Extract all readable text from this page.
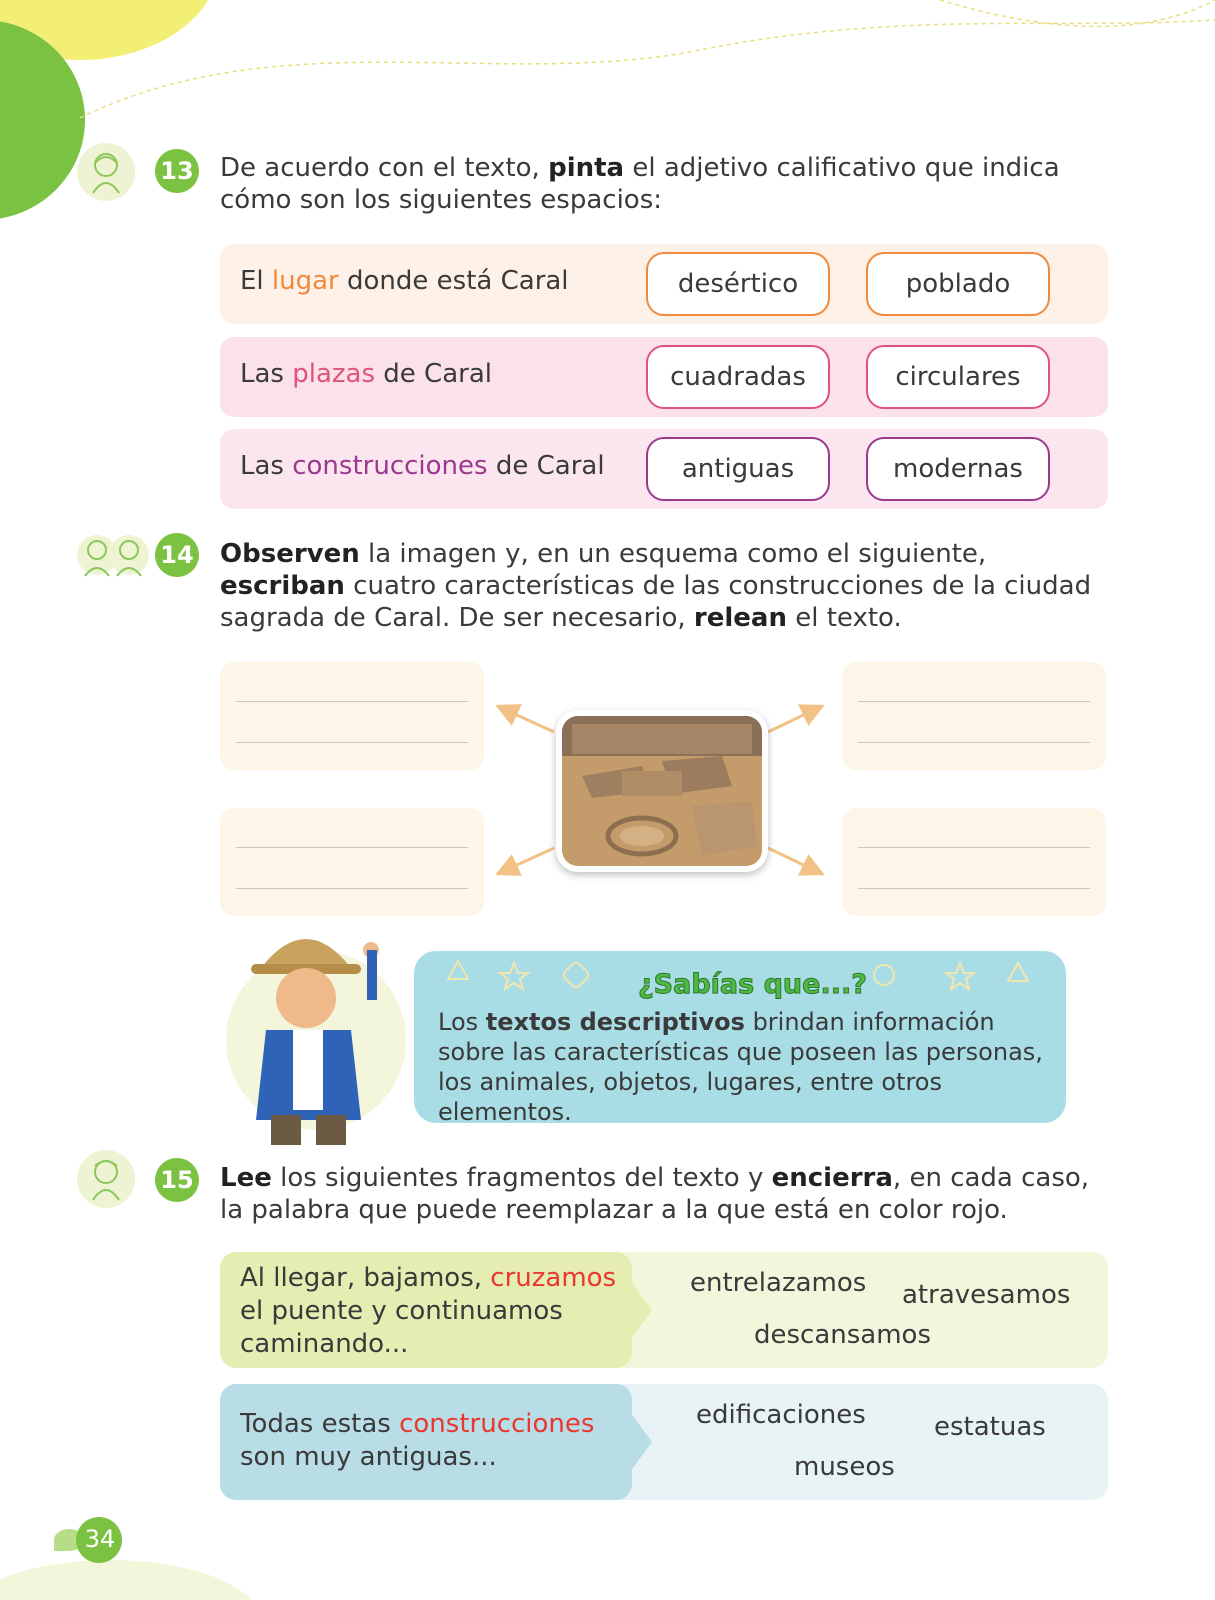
13 De acuerdo con el texto, pinta el adjetivo calificativo que indica cómo son los siguientes espacios:
El lugar donde está Caral	desértico	poblado
Las plazas de Caral	cuadradas	circulares
Las construcciones de Caral	antiguas	modernas
14 Observen la imagen y, en un esquema como el siguiente, escriban cuatro características de las construcciones de la ciudad sagrada de Caral. De ser necesario, relean el texto.
¿Sabías que...?
Los textos descriptivos brindan información sobre las características que poseen las personas, los animales, objetos, lugares, entre otros elementos.
15 Lee los siguientes fragmentos del texto y encierra, en cada caso, la palabra que puede reemplazar a la que está en color rojo.
Al llegar, bajamos, cruzamos el puente y continuamos caminando...
entrelazamos atravesamos
descansamos
Todas estas construcciones son muy antiguas...
edificaciones	estatuas
museos
34
